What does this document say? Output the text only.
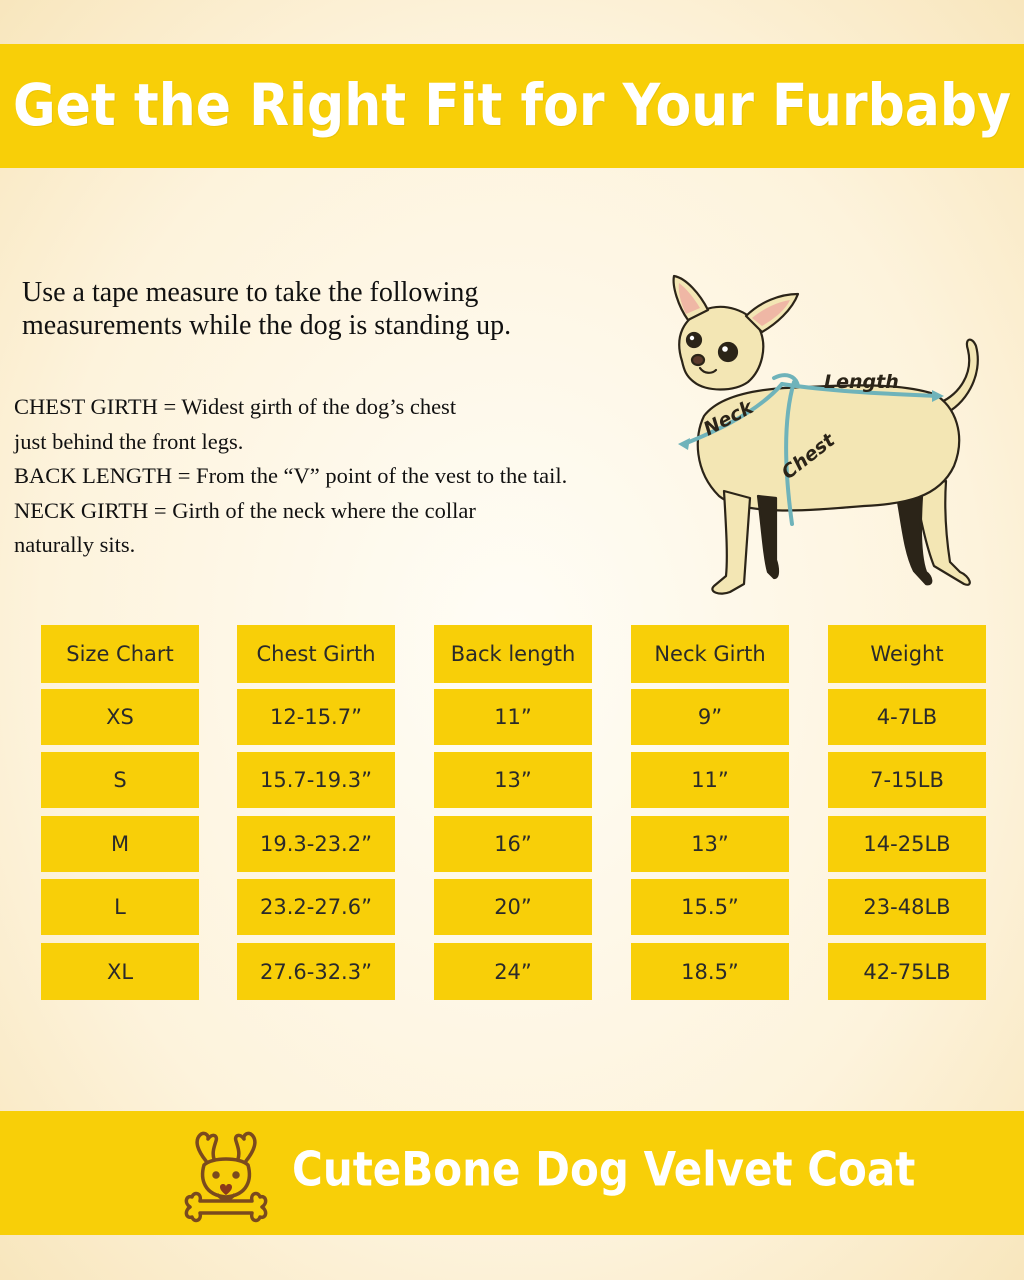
Get the Right Fit for Your Furbaby
Use a tape measure to take the following
measurements while the dog is standing up.
CHEST GIRTH = Widest girth of the dog’s chest
just behind the front legs.
BACK LENGTH = From the “V” point of the vest to the tail.
NECK GIRTH = Girth of the neck where the collar
naturally sits.
Neck
Length
Chest
Size Chart
XS
S
M
L
XL
Chest Girth
12-15.7”
15.7-19.3”
19.3-23.2”
23.2-27.6”
27.6-32.3”
Back length
11”
13”
16”
20”
24”
Neck Girth
9”
11”
13”
15.5”
18.5”
Weight
4-7LB
7-15LB
14-25LB
23-48LB
42-75LB
CuteBone Dog Velvet Coat
